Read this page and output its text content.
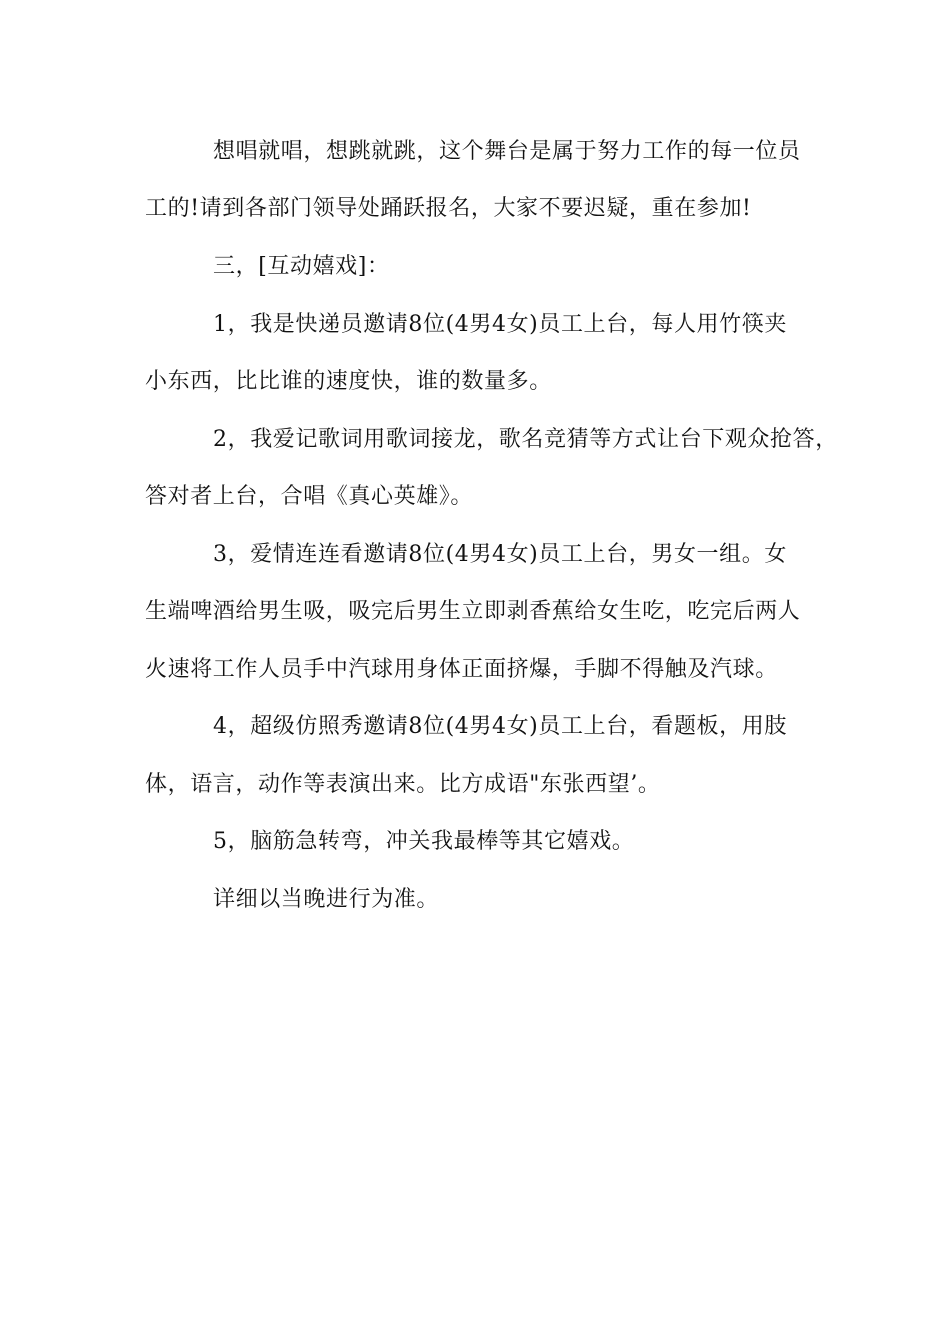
想唱就唱，想跳就跳，这个舞台是属于努力工作的每一位员
工的!请到各部门领导处踊跃报名，大家不要迟疑，重在参加!
三，[互动嬉戏]：
1，我是快递员邀请8位(4男4女)员工上台，每人用竹筷夹
小东西，比比谁的速度快，谁的数量多。
2，我爱记歌词用歌词接龙，歌名竞猜等方式让台下观众抢答，
答对者上台，合唱《真心英雄》。
3，爱情连连看邀请8位(4男4女)员工上台，男女一组。女
生端啤酒给男生吸，吸完后男生立即剥香蕉给女生吃，吃完后两人
火速将工作人员手中汽球用身体正面挤爆，手脚不得触及汽球。
4，超级仿照秀邀请8位(4男4女)员工上台，看题板，用肢
体，语言，动作等表演出来。比方成语"东张西望’。
5，脑筋急转弯，冲关我最棒等其它嬉戏。
详细以当晚进行为准。
